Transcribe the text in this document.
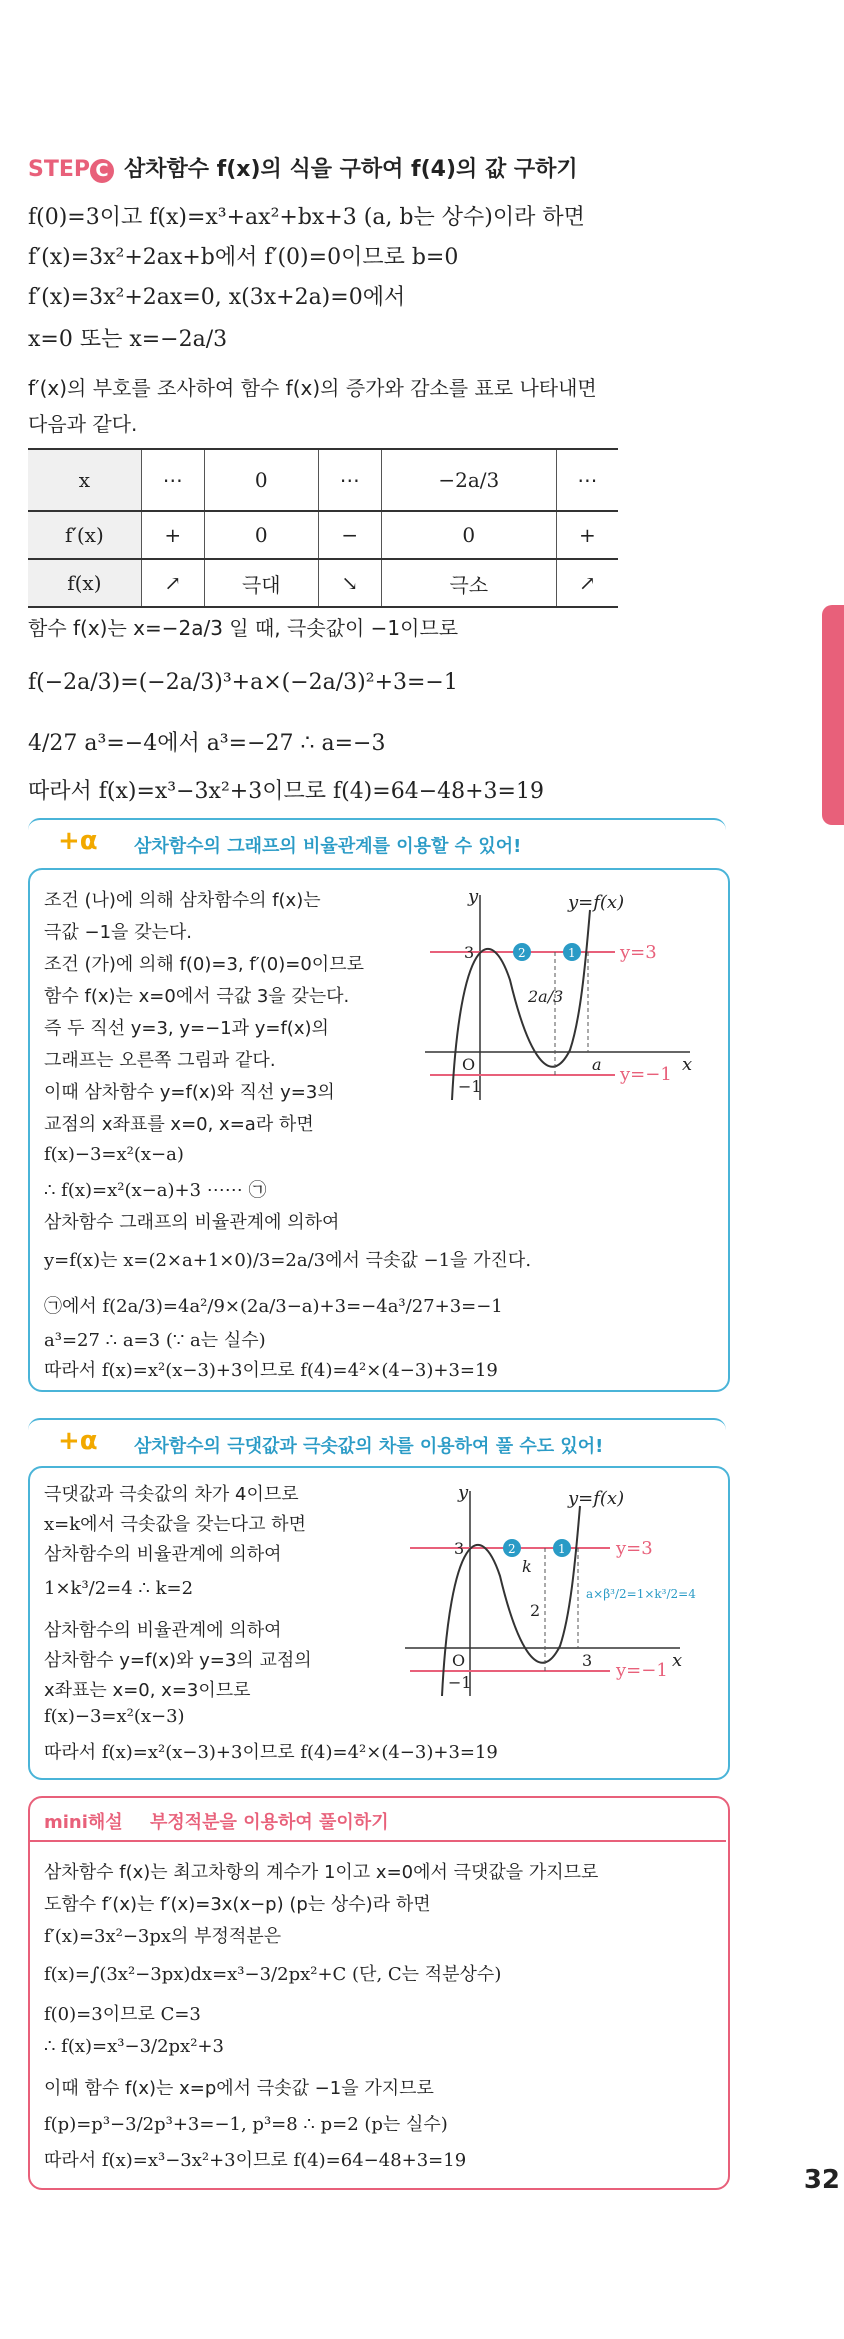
STEP C 삼차함수 f(x)의 식을 구하여 f(4)의 값 구하기
f(0)=3이고 f(x)=x³+ax²+bx+3 (a, b는 상수)이라 하면
f′(x)=3x²+2ax+b에서 f′(0)=0이므로 b=0
f′(x)=3x²+2ax=0, x(3x+2a)=0에서
x=0 또는 x=−2a/3
f′(x)의 부호를 조사하여 함수 f(x)의 증가와 감소를 표로 나타내면
다음과 같다.
x	⋯	0	⋯	−2a/3	⋯
f′(x)	+	0	−	0	+
f(x)	↗	극대	↘	극소	↗
함수 f(x)는 x=−2a/3 일 때, 극솟값이 −1이므로
f(−2a/3)=(−2a/3)³+a×(−2a/3)²+3=−1
4/27 a³=−4에서 a³=−27 ∴ a=−3
따라서 f(x)=x³−3x²+3이므로 f(4)=64−48+3=19
+α 삼차함수의 그래프의 비율관계를 이용할 수 있어!
조건 (나)에 의해 삼차함수의 f(x)는
극값 −1을 갖는다.
조건 (가)에 의해 f(0)=3, f′(0)=0이므로
함수 f(x)는 x=0에서 극값 3을 갖는다.
즉 두 직선 y=3, y=−1과 y=f(x)의
그래프는 오른쪽 그림과 같다.
이때 삼차함수 y=f(x)와 직선 y=3의
교점의 x좌표를 x=0, x=a라 하면
f(x)−3=x²(x−a)
∴ f(x)=x²(x−a)+3 ⋯⋯ ㉠
삼차함수 그래프의 비율관계에 의하여
y=f(x)는 x=(2×a+1×0)/3=2a/3에서 극솟값 −1을 가진다.
㉠에서 f(2a/3)=4a²/9×(2a/3−a)+3=−4a³/27+3=−1
a³=27 ∴ a=3 (∵ a는 실수)
따라서 f(x)=x²(x−3)+3이므로 f(4)=4²×(4−3)+3=19
2	1
y=f(x)
y=3
y=−1
y
x
O
3
−1
a
2a/3
+α 삼차함수의 극댓값과 극솟값의 차를 이용하여 풀 수도 있어!
극댓값과 극솟값의 차가 4이므로
x=k에서 극솟값을 갖는다고 하면
삼차함수의 비율관계에 의하여
1×k³/2=4 ∴ k=2
삼차함수의 비율관계에 의하여
삼차함수 y=f(x)와 y=3의 교점의
x좌표는 x=0, x=3이므로
f(x)−3=x²(x−3)
따라서 f(x)=x²(x−3)+3이므로 f(4)=4²×(4−3)+3=19
2	1
y=f(x)
y=3
y=−1
y
x
O
3
−1
3
k
2
a×β³/2=1×k³/2=4
mini해설 부정적분을 이용하여 풀이하기
삼차함수 f(x)는 최고차항의 계수가 1이고 x=0에서 극댓값을 가지므로
도함수 f′(x)는 f′(x)=3x(x−p) (p는 상수)라 하면
f′(x)=3x²−3px의 부정적분은
f(x)=∫(3x²−3px)dx=x³−3/2px²+C (단, C는 적분상수)
f(0)=3이므로 C=3
∴ f(x)=x³−3/2px²+3
이때 함수 f(x)는 x=p에서 극솟값 −1을 가지므로
f(p)=p³−3/2p³+3=−1, p³=8 ∴ p=2 (p는 실수)
따라서 f(x)=x³−3x²+3이므로 f(4)=64−48+3=19
32
